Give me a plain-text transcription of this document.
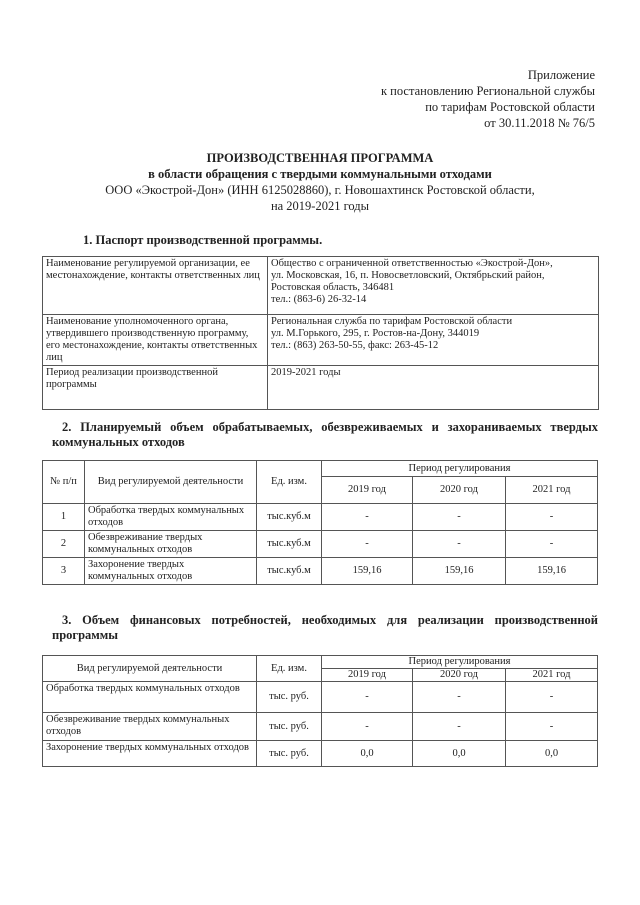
Приложение
к постановлению Региональной службы
по тарифам Ростовской области
от 30.11.2018 № 76/5
ПРОИЗВОДСТВЕННАЯ ПРОГРАММА
в области обращения с твердыми коммунальными отходами
ООО «Экострой-Дон» (ИНН 6125028860), г. Новошахтинск Ростовской области,
на 2019-2021 годы
1. Паспорт производственной программы.
Наименование регулируемой организации, ее местонахождение, контакты ответственных лиц	Общество с ограниченной ответственностью «Экострой-Дон»,
ул. Московская, 16, п. Новосветловский, Октябрьский район,
Ростовская область, 346481
тел.: (863-6) 26-32-14

Наименование уполномоченного органа, утвердившего производственную программу, его местонахождение, контакты ответственных лиц	Региональная служба по тарифам Ростовской области
ул. М.Горького, 295, г. Ростов-на-Дону, 344019
тел.: (863) 263-50-55, факс: 263-45-12

Период реализации производственной программы	2019-2021 годы
2. Планируемый объем обрабатываемых, обезвреживаемых и захораниваемых твердых коммунальных отходов
№ п/п	Вид регулируемой деятельности	Ед. изм.	Период регулирования		
			2019 год	2020 год	2021 год
1	Обработка твердых коммунальных отходов	тыс.куб.м	-	-	-
2	Обезвреживание твердых коммунальных отходов	тыс.куб.м	-	-	-
3	Захоронение твердых коммунальных отходов	тыс.куб.м	159,16	159,16	159,16
3. Объем финансовых потребностей, необходимых для реализации производственной программы
Вид регулируемой деятельности	Ед. изм.	Период регулирования		
		2019 год	2020 год	2021 год
Обработка твердых коммунальных отходов	тыс. руб.	-	-	-
Обезвреживание твердых коммунальных отходов	тыс. руб.	-	-	-
Захоронение твердых коммунальных отходов	тыс. руб.	0,0	0,0	0,0
